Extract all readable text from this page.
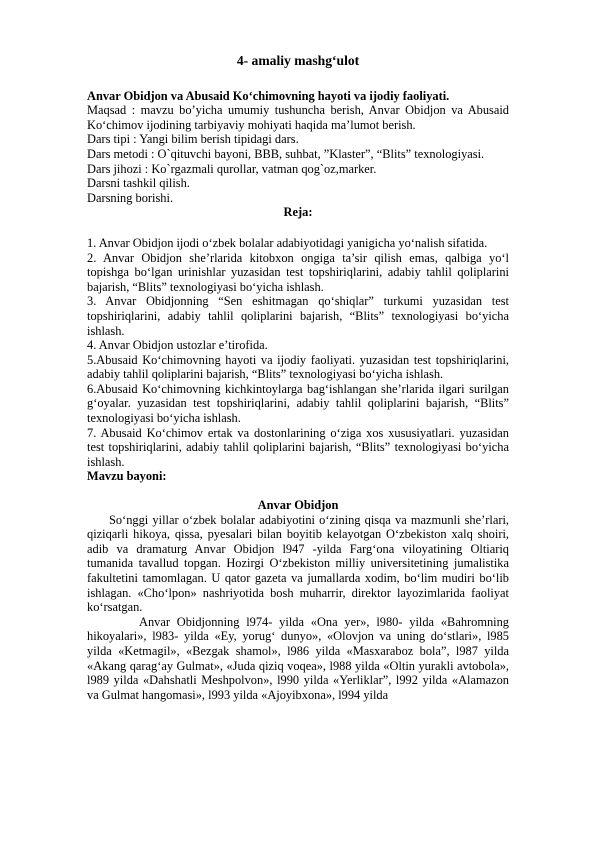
4- amaliy mashg‘ulot

Anvar Obidjon va Abusaid Ko‘chimovning hayoti va ijodiy faoliyati.

Maqsad : mavzu bo’yicha umumiy tushuncha berish, Anvar Obidjon va Abusaid Ko‘chimov ijodining tarbiyaviy mohiyati haqida ma’lumot berish.

Dars tipi : Yangi bilim berish tipidagi dars.

Dars metodi : O`qituvchi bayoni, BBB, suhbat, ”Klaster”, “Blits” texnologiyasi.

Dars jihozi : Ko`rgazmali qurollar, vatman qog`oz,marker.

Darsni tashkil qilish.

Darsning borishi.

Reja:

1. Anvar Obidjon ijodi o‘zbek bolalar adabiyotidagi yanigicha yo‘nalish sifatida.

2. Anvar Obidjon she’rlarida kitobxon ongiga ta’sir qilish emas, qalbiga yo‘l topishga bo‘lgan urinishlar yuzasidan test topshiriqlarini, adabiy tahlil qoliplarini bajarish, “Blits” texnologiyasi bo‘yicha ishlash.

3. Anvar Obidjonning “Sen eshitmagan qo‘shiqlar” turkumi yuzasidan test topshiriqlarini, adabiy tahlil qoliplarini bajarish, “Blits” texnologiyasi bo‘yicha ishlash.

4. Anvar Obidjon ustozlar e’tirofida.

5.Abusaid Ko‘chimovning hayoti va ijodiy faoliyati. yuzasidan test topshiriqlarini, adabiy tahlil qoliplarini bajarish, “Blits” texnologiyasi bo‘yicha ishlash.

6.Abusaid Ko‘chimovning kichkintoylarga bag‘ishlangan she’rlarida ilgari surilgan g‘oyalar. yuzasidan test topshiriqlarini, adabiy tahlil qoliplarini bajarish, “Blits” texnologiyasi bo‘yicha ishlash.

7. Abusaid Ko‘chimov ertak va dostonlarining o‘ziga xos xususiyatlari. yuzasidan test topshiriqlarini, adabiy tahlil qoliplarini bajarish, “Blits” texnologiyasi bo‘yicha ishlash.

Mavzu bayoni:

Anvar Obidjon

So‘nggi yillar o‘zbek bolalar adabiyotini o‘zining qisqa va mazmunli she’rlari, qiziqarli hikoya, qissa, pyesalari bilan boyitib kelayotgan O‘zbekiston xalq shoiri, adib va dramaturg Anvar Obidjon l947 -yilda Farg‘ona viloyatining Oltiariq tumanida tavallud topgan. Hozirgi O‘zbekiston milliy universitetining jumalistika fakultetini tamomlagan. U qator gazeta va jumallarda xodim, bo‘lim mudiri bo‘lib ishlagan. «Cho‘lpon» nashriyotida bosh muharrir, direktor layozimlarida faoliyat ko‘rsatgan.

Anvar Obidjonning l974- yilda «Ona yer», l980- yilda «Bahromning hikoyalari», l983- yilda «Ey, yorug‘ dunyo», «Olovjon va uning do‘stlari», l985 yilda «Ketmagil», «Bezgak shamol», l986 yilda «Masxaraboz bola”, l987 yilda «Akang qarag‘ay Gulmat», «Juda qiziq voqea», l988 yilda «Oltin yurakli avtobola», l989 yilda «Dahshatli Meshpolvon», l990 yilda «Yerliklar”, l992 yilda «Alamazon va Gulmat hangomasi», l993 yilda «Ajoyibxona», l994 yilda
